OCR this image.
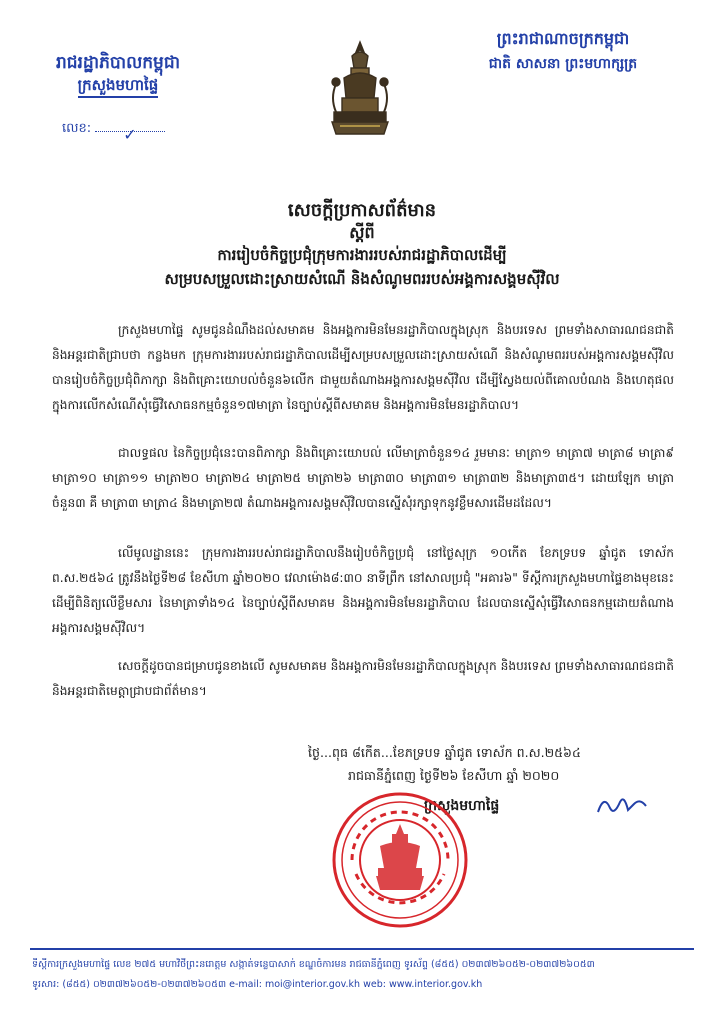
រាជរដ្ឋាភិបាលកម្ពុជា
ក្រសួងមហាផ្ទៃ
លេខ: ✓
ព្រះរាជាណាចក្រកម្ពុជា
ជាតិ សាសនា ព្រះមហាក្សត្រ
សេចក្តីប្រកាសព័ត៌មាន
ស្តីពី
ការរៀបចំកិច្ចប្រជុំក្រុមការងាររបស់រាជរដ្ឋាភិបាលដើម្បី
សម្របសម្រួលដោះស្រាយសំណើ និងសំណូមពររបស់អង្គការសង្គមស៊ីវិល

ក្រសួងមហាផ្ទៃ សូមជូនដំណឹងដល់សមាគម និងអង្គការមិនមែនរដ្ឋាភិបាលក្នុងស្រុក និងបរទេស ព្រមទាំងសាធារណជនជាតិ និងអន្តរជាតិជ្រាបថា កន្លងមក ក្រុមការងាររបស់រាជរដ្ឋាភិបាលដើម្បីសម្របសម្រួលដោះស្រាយសំណើ និងសំណូមពររបស់អង្គការសង្គមស៊ីវិល បានរៀបចំកិច្ចប្រជុំពិភាក្សា និងពិគ្រោះយោបល់ចំនួន៦លើក ជាមួយតំណាងអង្គការសង្គមស៊ីវិល ដើម្បីស្វែងយល់ពីគោលបំណង និងហេតុផលក្នុងការលើកសំណើសុំធ្វើវិសោធនកម្មចំនួន១៧មាត្រា នៃច្បាប់ស្តីពីសមាគម និងអង្គការមិនមែនរដ្ឋាភិបាល។

ជាលទ្ធផល នៃកិច្ចប្រជុំនេះបានពិភាក្សា និងពិគ្រោះយោបល់ លើមាត្រាចំនួន១៤ រួមមានៈ មាត្រា១ មាត្រា៧ មាត្រា៨ មាត្រា៩ មាត្រា១០ មាត្រា១១ មាត្រា២០ មាត្រា២៤ មាត្រា២៥ មាត្រា២៦ មាត្រា៣០ មាត្រា៣១ មាត្រា៣២ និងមាត្រា៣៥។ ដោយឡែក មាត្រាចំនួន៣ គឺ មាត្រា៣ មាត្រា៤ និងមាត្រា២៧ តំណាងអង្គការសង្គមស៊ីវិលបានស្នើសុំរក្សាទុកនូវខ្លឹមសារដើមដដែល។

លើមូលដ្ឋាននេះ ក្រុមការងាររបស់រាជរដ្ឋាភិបាលនឹងរៀបចំកិច្ចប្រជុំ នៅថ្ងៃសុក្រ ១០កើត ខែភទ្របទ ឆ្នាំជូត ទោស័ក ព.ស.២៥៦៤ ត្រូវនឹងថ្ងៃទី២៨ ខែសីហា ឆ្នាំ២០២០ វេលាម៉ោង៨:៣០ នាទីព្រឹក នៅសាលប្រជុំ "អគារ៦" ទីស្តីការក្រសួងមហាផ្ទៃខាងមុខនេះ ដើម្បីពិនិត្យលើខ្លឹមសារ នៃមាត្រាទាំង១៤ នៃច្បាប់ស្តីពីសមាគម និងអង្គការមិនមែនរដ្ឋាភិបាល ដែលបានស្នើសុំធ្វើវិសោធនកម្មដោយតំណាងអង្គការសង្គមស៊ីវិល។

សេចក្តីដូចបានជម្រាបជូនខាងលើ សូមសមាគម និងអង្គការមិនមែនរដ្ឋាភិបាលក្នុងស្រុក និងបរទេស ព្រមទាំងសាធារណជនជាតិ និងអន្តរជាតិមេត្តាជ្រាបជាព័ត៌មាន។

ថ្ងៃ...ពុធ ៨កើត...ខែភទ្របទ ឆ្នាំជូត ទោស័ក ព.ស.២៥៦៤
រាជធានីភ្នំពេញ ថ្ងៃទី២៦ ខែសីហា ឆ្នាំ ២០២០
ក្រសួងមហាផ្ទៃ
ទីស្តីការក្រសួងមហាផ្ទៃ លេខ ២៧៥ មហាវិថីព្រះនរោត្តម សង្កាត់ទន្លេបាសាក់ ខណ្ឌចំការមន រាជធានីភ្នំពេញ ទូរស័ព្ទ (៨៥៥) ០២៣៧២៦០៥២-០២៣៧២៦០៥៣
ទូរសារ: (៨៥៥) ០២៣៧២៦០៥២-០២៣៧២៦០៥៣ e-mail: moi@interior.gov.kh web: www.interior.gov.kh
